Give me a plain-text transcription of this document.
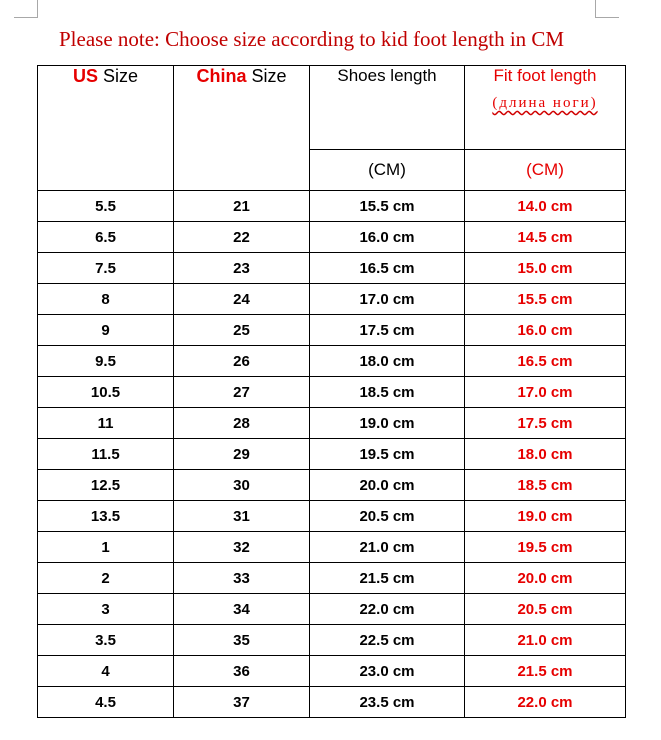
Please note: Choose size according to kid foot length in CM

US Size	China Size	Shoes length	Fit foot length
(длина ноги)

		(CM)	(CM)
5.5	21	15.5 cm	14.0 cm
6.5	22	16.0 cm	14.5 cm
7.5	23	16.5 cm	15.0 cm
8	24	17.0 cm	15.5 cm
9	25	17.5 cm	16.0 cm
9.5	26	18.0 cm	16.5 cm
10.5	27	18.5 cm	17.0 cm
11	28	19.0 cm	17.5 cm
11.5	29	19.5 cm	18.0 cm
12.5	30	20.0 cm	18.5 cm
13.5	31	20.5 cm	19.0 cm
1	32	21.0 cm	19.5 cm
2	33	21.5 cm	20.0 cm
3	34	22.0 cm	20.5 cm
3.5	35	22.5 cm	21.0 cm
4	36	23.0 cm	21.5 cm
4.5	37	23.5 cm	22.0 cm
